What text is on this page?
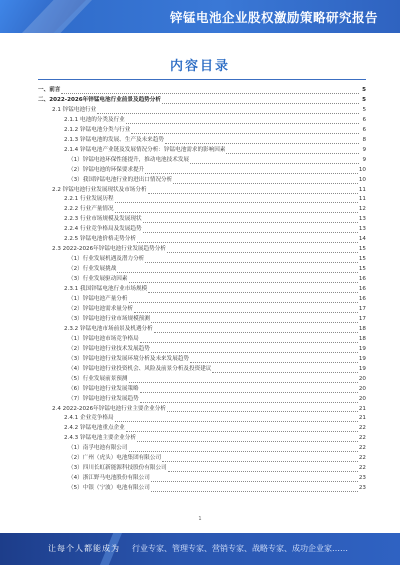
锌锰电池企业股权激励策略研究报告
内容目录
一、前言	5
二、2022-2026年锌锰电池行业前景及趋势分析	5
2.1 锌锰电池行业	5
2.1.1 电池的分类及行业	6
2.1.2 锌锰电池分类与行业	6
2.1.3 锌锰电池的发展、生产及未来趋势	8
2.1.4 锌锰电池产业链及发展情况分析：锌锰电池需求的影响因素	9
（1）锌锰电池环保性能提升，推动电池技术发展	9
（2）锌锰电池的环保要求提升	10
（3）我国锌锰电池行业的进出口情况分析	10
2.2 锌锰电池行业发展现状及市场分析	11
2.2.1 行业发展历程	11
2.2.2 行业产量情况	12
2.2.3 行业市场规模及发展现状	13
2.2.4 行业竞争格局及发展趋势	13
2.2.5 锌锰电池价格走势分析	14
2.3 2022-2026年锌锰电池行业发展趋势分析	15
（1）行业发展机遇及潜力分析	15
（2）行业发展挑战	15
（3）行业发展驱动因素	16
2.3.1 我国锌锰电池行业市场规模	16
（1）锌锰电池产量分析	16
（2）锌锰电池需求量分析	17
（3）锌锰电池行业市场规模预测	17
2.3.2 锌锰电池市场前景及机遇分析	18
（1）锌锰电池市场竞争格局	18
（2）锌锰电池行业技术发展趋势	19
（3）锌锰电池行业发展环境分析及未来发展趋势	19
（4）锌锰电池行业投资机会、风险及前景分析及投资建议	19
（5）行业发展前景预测	20
（6）锌锰电池行业发展策略	20
（7）锌锰电池行业发展趋势	20
2.4 2022-2026年锌锰电池行业主要企业分析	21
2.4.1 企业竞争格局	21
2.4.2 锌锰电池重点企业	22
2.4.3 锌锰电池主要企业分析	22
（1）南孚电池有限公司	22
（2）广州（虎头）电池集团有限公司	22
（3）四川长虹新能源科技股份有限公司	22
（4）浙江野马电池股份有限公司	23
（5）中银（宁波）电池有限公司	23
1
让每个人都能成为 行业专家、管理专家、营销专家、战略专家、成功企业家……
